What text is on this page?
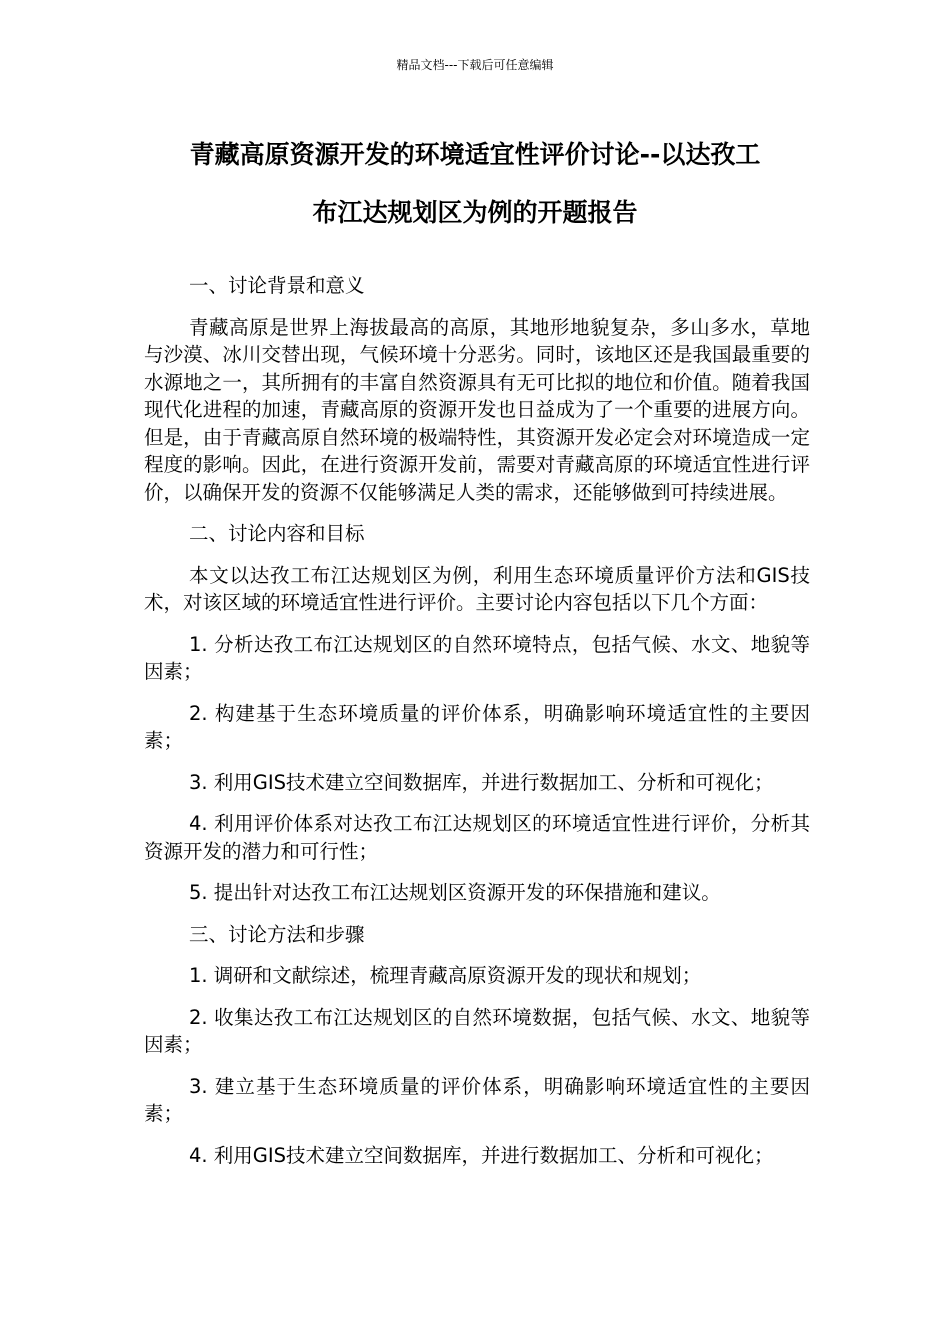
精品文档---下载后可任意编辑
青藏高原资源开发的环境适宜性评价讨论--以达孜工
布江达规划区为例的开题报告

一、讨论背景和意义

青藏高原是世界上海拔最高的高原，其地形地貌复杂，多山多水，草地与沙漠、冰川交替出现，气候环境十分恶劣。同时，该地区还是我国最重要的水源地之一，其所拥有的丰富自然资源具有无可比拟的地位和价值。随着我国现代化进程的加速，青藏高原的资源开发也日益成为了一个重要的进展方向。但是，由于青藏高原自然环境的极端特性，其资源开发必定会对环境造成一定程度的影响。因此，在进行资源开发前，需要对青藏高原的环境适宜性进行评价，以确保开发的资源不仅能够满足人类的需求，还能够做到可持续进展。

二、讨论内容和目标

本文以达孜工布江达规划区为例，利用生态环境质量评价方法和GIS技术，对该区域的环境适宜性进行评价。主要讨论内容包括以下几个方面：

1. 分析达孜工布江达规划区的自然环境特点，包括气候、水文、地貌等因素；

2. 构建基于生态环境质量的评价体系，明确影响环境适宜性的主要因素；

3. 利用GIS技术建立空间数据库，并进行数据加工、分析和可视化；

4. 利用评价体系对达孜工布江达规划区的环境适宜性进行评价，分析其资源开发的潜力和可行性；

5. 提出针对达孜工布江达规划区资源开发的环保措施和建议。

三、讨论方法和步骤

1. 调研和文献综述，梳理青藏高原资源开发的现状和规划；

2. 收集达孜工布江达规划区的自然环境数据，包括气候、水文、地貌等因素；

3. 建立基于生态环境质量的评价体系，明确影响环境适宜性的主要因素；

4. 利用GIS技术建立空间数据库，并进行数据加工、分析和可视化；
